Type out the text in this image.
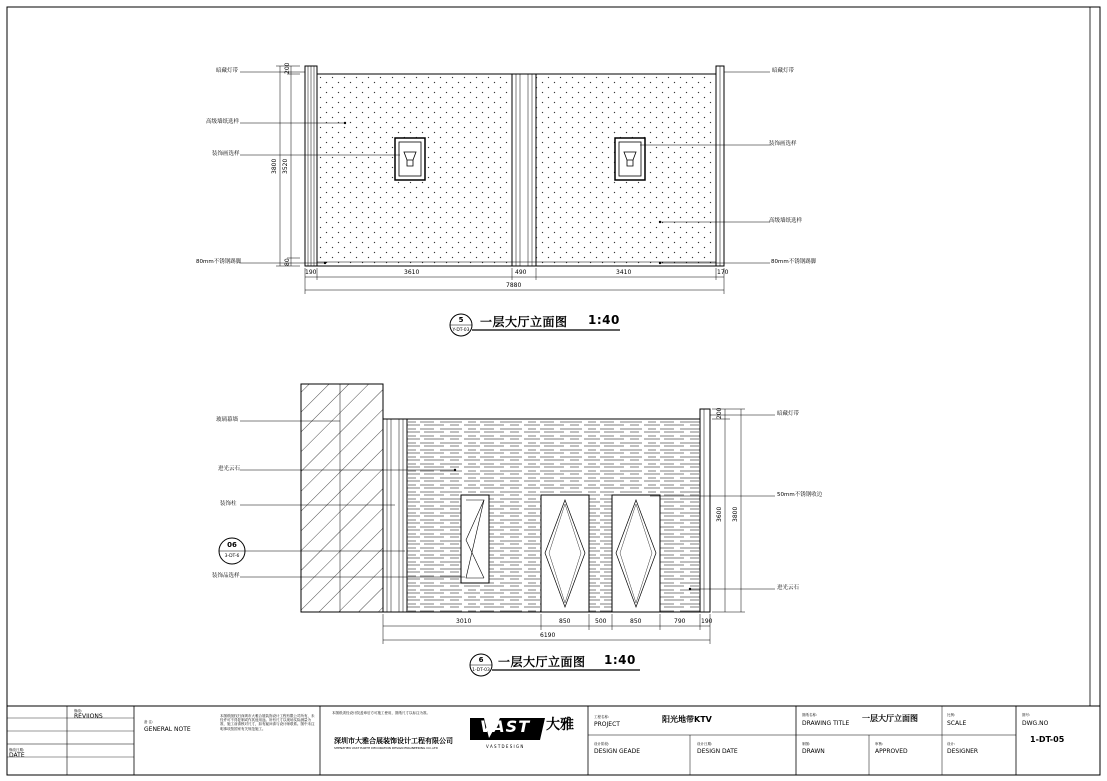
暗藏灯带
高级墙纸选样
装饰画选样
80mm不锈钢踢脚
暗藏灯带
装饰画选样
高级墙纸选样
80mm不锈钢踢脚
190	3610	490	3410	170
7880
3800 3520
200
80
5
Y-DT-03
一层大厅立面图 1:40
玻璃幕墙
进光云石
装饰柱
装饰品选样
暗藏灯带
50mm不锈钢收边
进光云石
06
3-DT-6
3010	850	500	850	790	190
6190
3600 3800
200
6
1-DT-03
一层大厅立面图 1:40
修改:
REVIIONS
修改日期:
DATE
备 注:
GENERAL NOTE
本图纸版权归深圳市大雅合展装饰设计工程有限公司所有，未经许可不得复制或作其他用途。所有尺寸以现场实际测量为准，施工前请核对尺寸，如有疑问请与设计师联系。图中未注明事项按国家有关规范施工。
本图纸须经设计院盖章后方可施工使用，图纸尺寸以标注为准。
深圳市大雅合展装饰设计工程有限公司
SHENZHEN VAST EARTH DECORATION DESIGN ENGINEERING CO.,LTD
VAST 大雅
V A S T D E S I G N
工程名称:
PROJECT
阳光地带KTV
设计阶段:
DESIGN GEADE
设计日期:
DESIGN DATE
图纸名称:
DRAWING TITLE
一层大厅立面图	比例:
SCALE
制图:
DRAWN
审核:
APPROVED
设计:
DESIGNER
图号:
DWG.NO
1-DT-05
